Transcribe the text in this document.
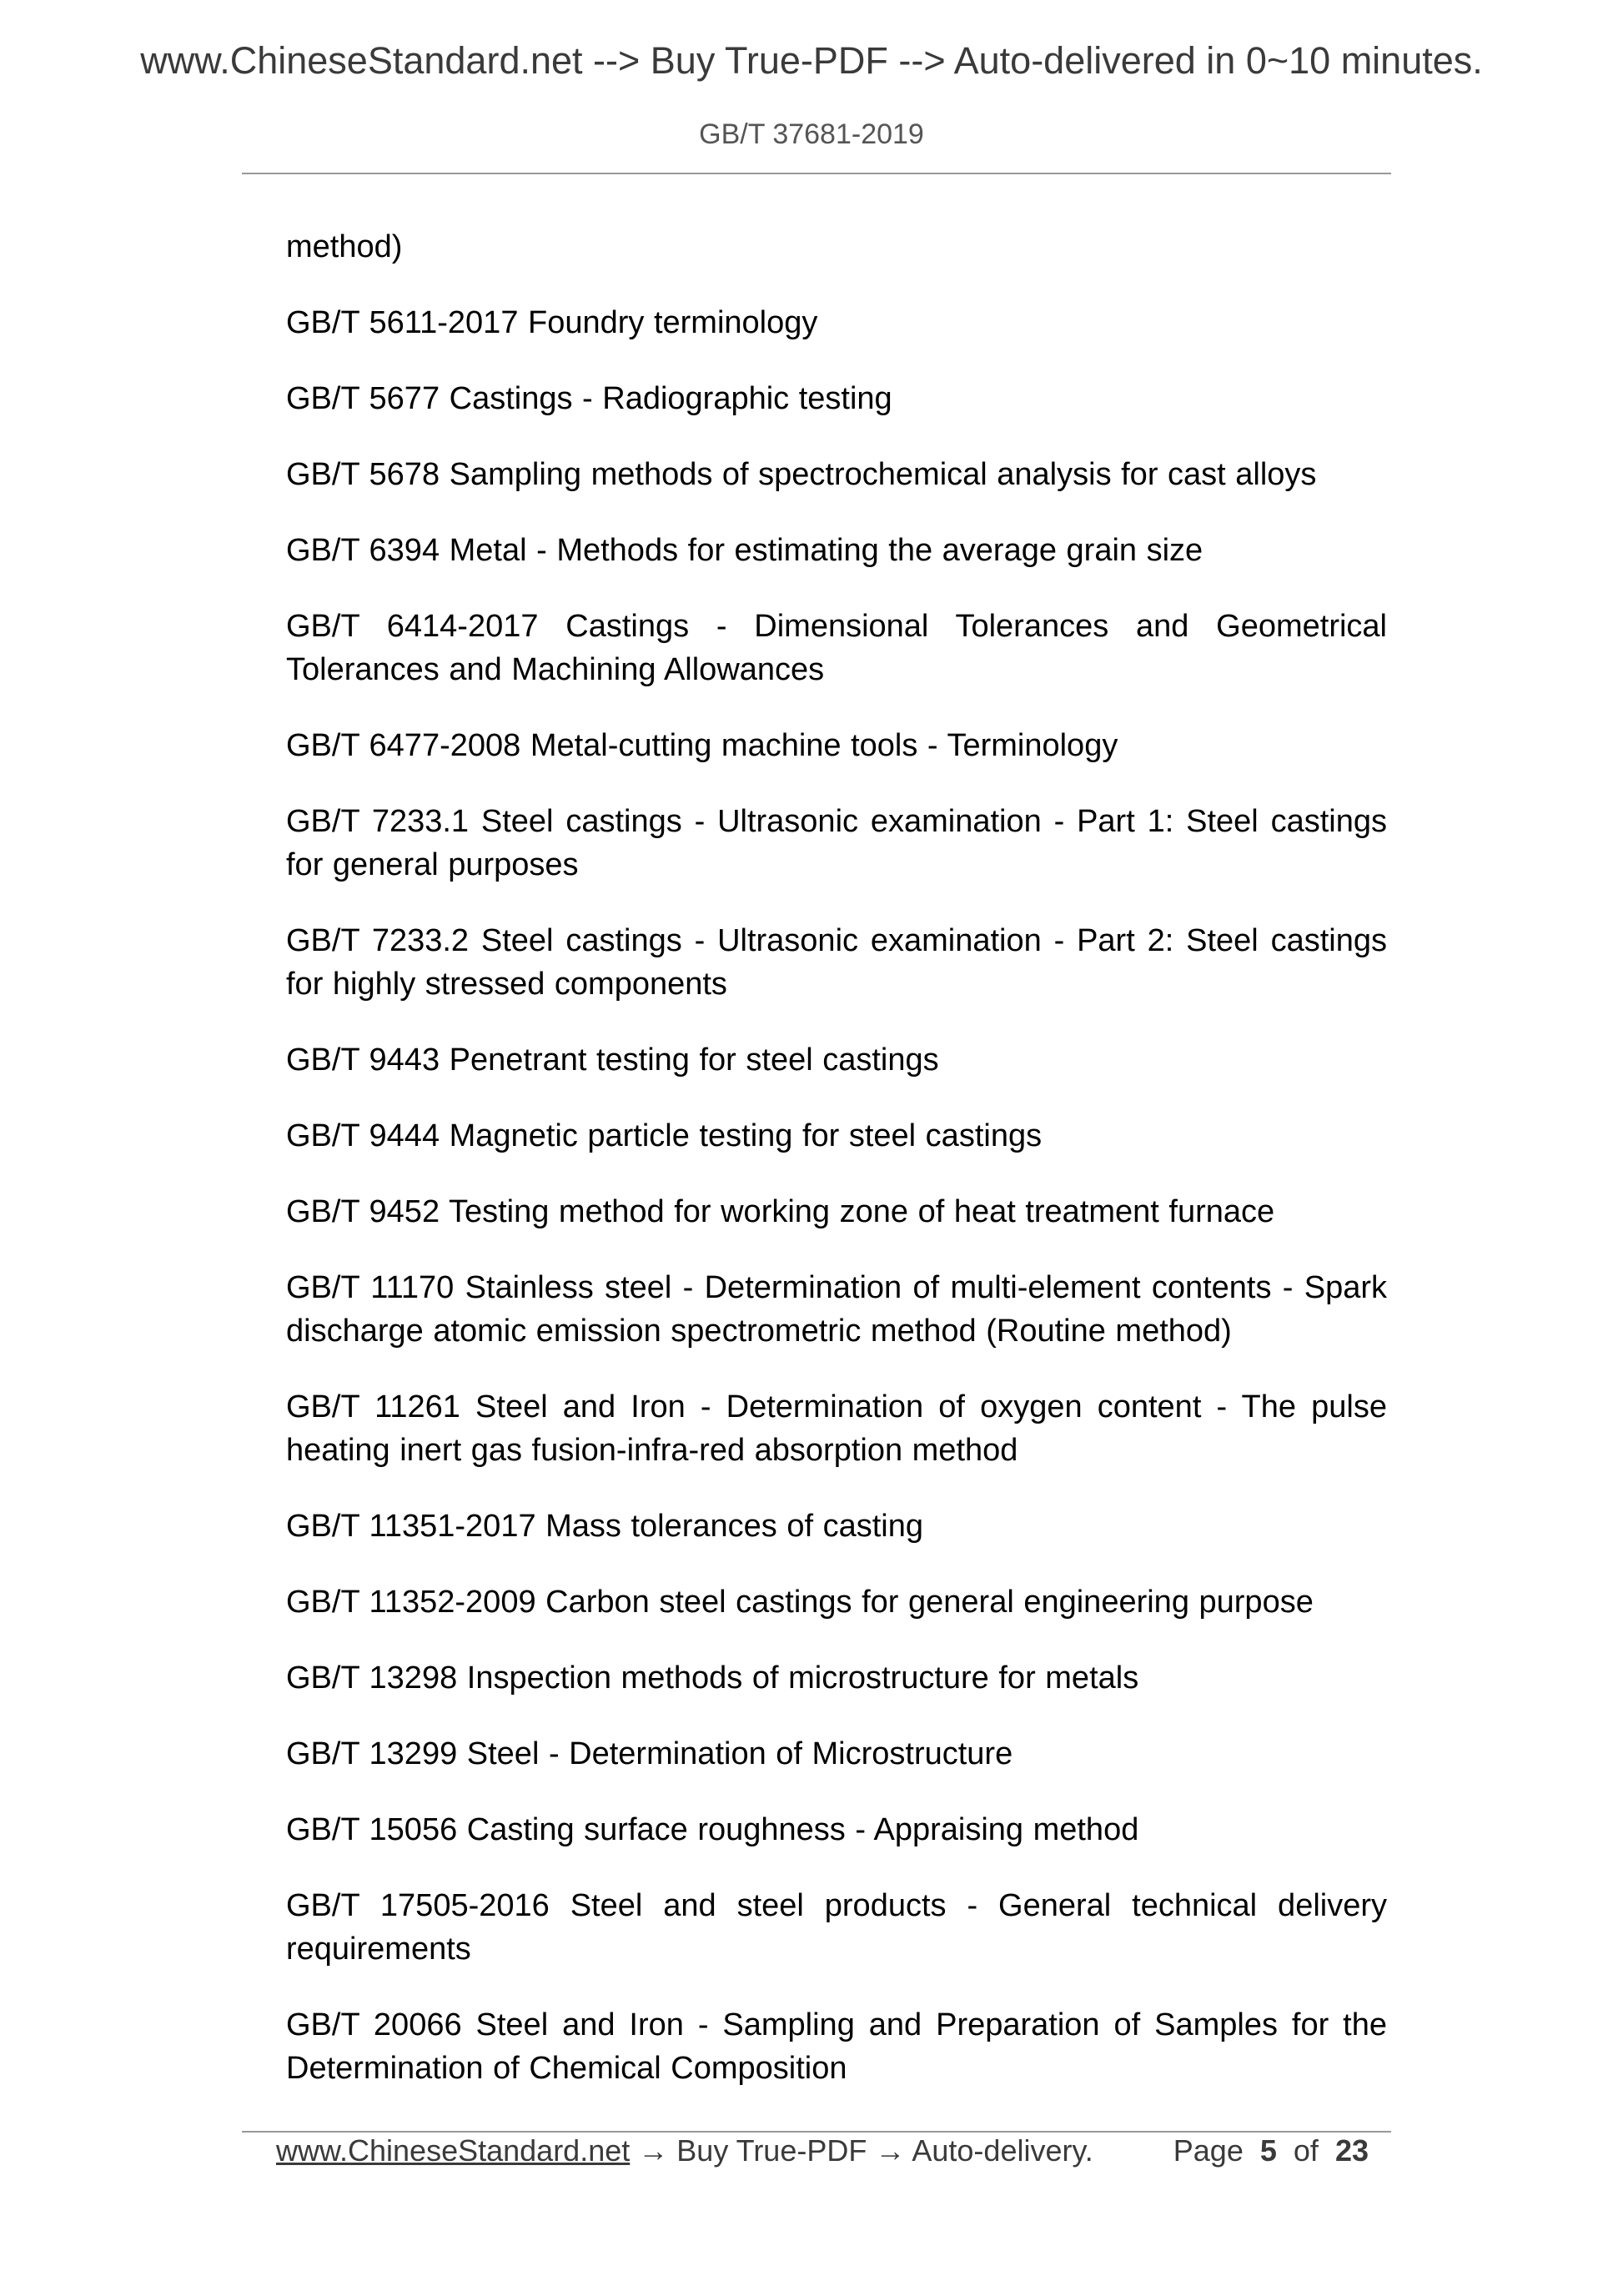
www.ChineseStandard.net --> Buy True-PDF --> Auto-delivered in 0~10 minutes.
GB/T 37681-2019

method)

GB/T 5611-2017 Foundry terminology

GB/T 5677 Castings - Radiographic testing

GB/T 5678 Sampling methods of spectrochemical analysis for cast alloys

GB/T 6394 Metal - Methods for estimating the average grain size

GB/T 6414-2017 Castings - Dimensional Tolerances and Geometrical Tolerances and Machining Allowances

GB/T 6477-2008 Metal-cutting machine tools - Terminology

GB/T 7233.1 Steel castings - Ultrasonic examination - Part 1: Steel castings for general purposes

GB/T 7233.2 Steel castings - Ultrasonic examination - Part 2: Steel castings for highly stressed components

GB/T 9443 Penetrant testing for steel castings

GB/T 9444 Magnetic particle testing for steel castings

GB/T 9452 Testing method for working zone of heat treatment furnace

GB/T 11170 Stainless steel - Determination of multi-element contents - Spark discharge atomic emission spectrometric method (Routine method)

GB/T 11261 Steel and Iron - Determination of oxygen content - The pulse heating inert gas fusion-infra-red absorption method

GB/T 11351-2017 Mass tolerances of casting

GB/T 11352-2009 Carbon steel castings for general engineering purpose

GB/T 13298 Inspection methods of microstructure for metals

GB/T 13299 Steel - Determination of Microstructure

GB/T 15056 Casting surface roughness - Appraising method

GB/T 17505-2016 Steel and steel products - General technical delivery requirements

GB/T 20066 Steel and Iron - Sampling and Preparation of Samples for the Determination of Chemical Composition

www.ChineseStandard.net → Buy True-PDF → Auto-delivery.	Page 5 of 23
